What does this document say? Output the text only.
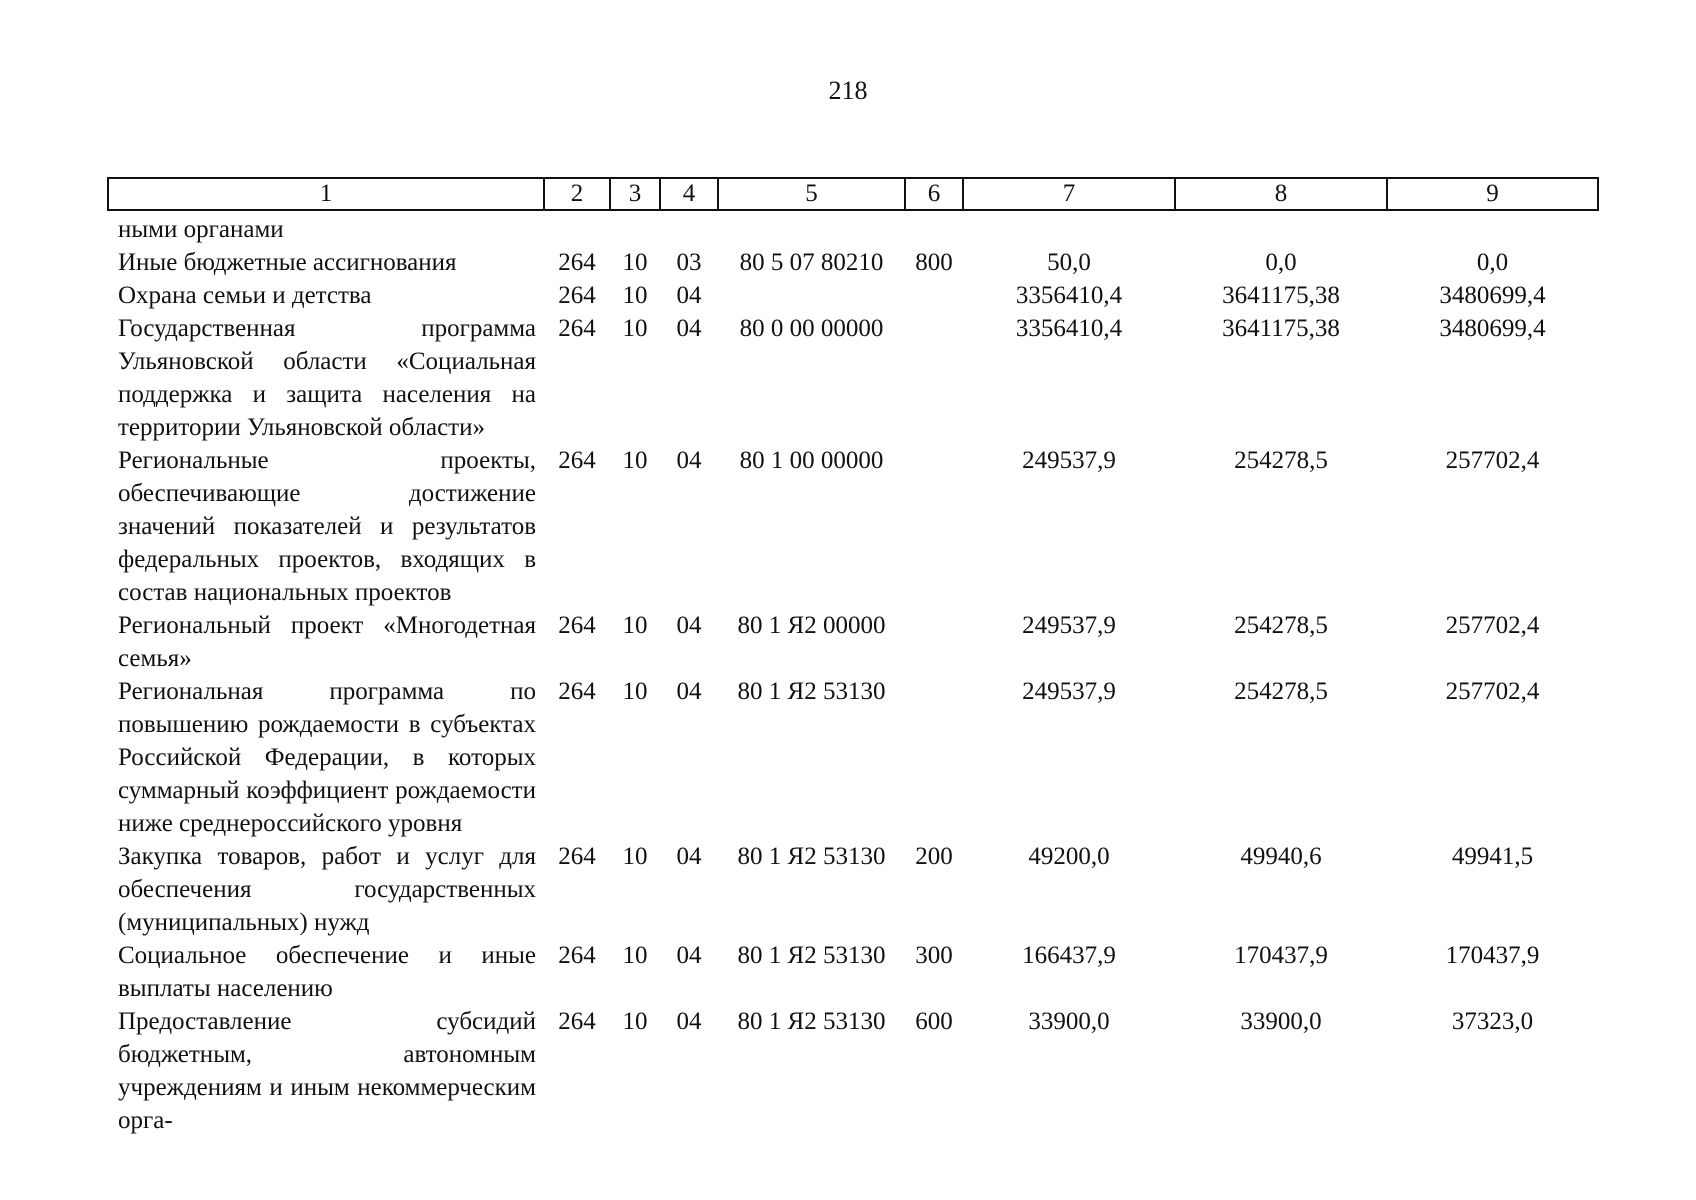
218
1	2	3	4	5	6	7	8	9
ными органами								
Иные бюджетные ассигнования	264	10	03	80 5 07 80210	800	50,0	0,0	0,0
Охрана семьи и детства	264	10	04			3356410,4	3641175,38	3480699,4
Государственная программа Ульяновской области «Социальная поддержка и защита населения на территории Ульяновской области»	264	10	04	80 0 00 00000		3356410,4	3641175,38	3480699,4
Региональные проекты, обеспечивающие достижение значений показателей и результатов федеральных проектов, входящих в состав национальных проектов	264	10	04	80 1 00 00000		249537,9	254278,5	257702,4
Региональный проект «Многодетная семья»	264	10	04	80 1 Я2 00000		249537,9	254278,5	257702,4
Региональная программа по повышению рождаемости в субъектах Российской Федерации, в которых суммарный коэффициент рождаемости ниже среднероссийского уровня	264	10	04	80 1 Я2 53130		249537,9	254278,5	257702,4
Закупка товаров, работ и услуг для обеспечения государственных (муниципальных) нужд	264	10	04	80 1 Я2 53130	200	49200,0	49940,6	49941,5
Социальное обеспечение и иные выплаты населению	264	10	04	80 1 Я2 53130	300	166437,9	170437,9	170437,9
Предоставление субсидий бюджетным, автономным учреждениям и иным некоммерческим орга-	264	10	04	80 1 Я2 53130	600	33900,0	33900,0	37323,0
